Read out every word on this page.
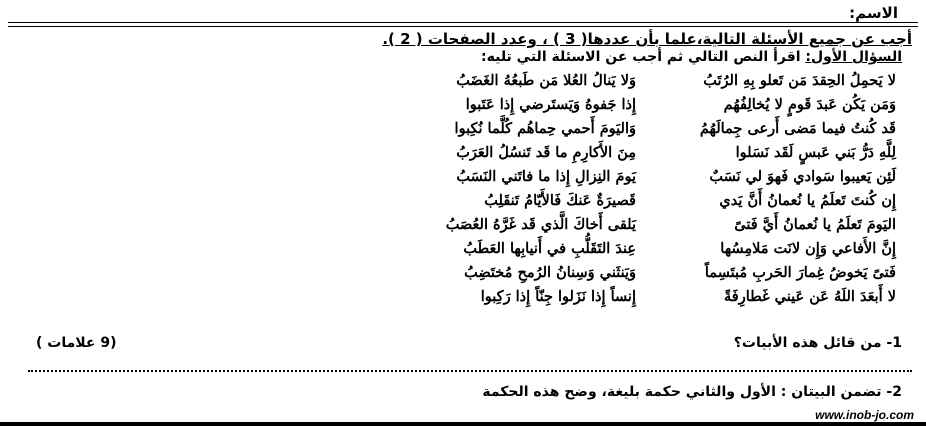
الاسم:
أجب عن جميع الأسئلة التالية،علما بأن عددها( 3 ) ، وعدد الصفحات ( 2 ).
السؤال الأول: اقرأ النص التالي ثم أجب عن الاسئلة التي تليه:
لا يَحمِلُ الحِقدَ مَن تَعلو بِهِ الرُتَبُ
وَلا يَنالُ العُلا مَن طَبعُهُ الغَضَبُ
وَمَن يَكُن عَبدَ قَومٍ لا يُخالِفُهُم
إِذا جَفوهُ وَيَستَرضي إِذا عَتَبوا
قَد كُنتُ فيما مَضى أَرعى جِمالَهُمُ
وَاليَومَ أَحمي حِماهُم كُلَّما نُكِبوا
لِلَّهِ دَرُّ بَني عَبسٍ لَقَد نَسَلوا
مِنَ الأَكارِمِ ما قَد تَنسُلُ العَرَبُ
لَئِن يَعيبوا سَوادي فَهوَ لي نَسَبٌ
يَومَ النِزالِ إِذا ما فاتَني النَسَبُ
إِن كُنتَ تَعلَمُ يا نُعمانُ أَنَّ يَدي
قَصيرَةٌ عَنكَ فَالأَيّامُ تَنقَلِبُ
اليَومَ تَعلَمُ يا نُعمانُ أَيَّ فَتىً
يَلقى أَخاكَ الَّذي قَد غَرَّهُ العُصَبُ
إِنَّ الأَفاعي وَإِن لانَت مَلامِسُها
عِندَ التَقَلُّبِ في أَنيابِها العَطَبُ
فَتىً يَخوضُ غِمارَ الحَربِ مُبتَسِماً
وَيَنثَني وَسِنانُ الرُمحِ مُختَضِبُ
لا أَبعَدَ اللَهُ عَن عَيني غَطارِفَةً
إِنساً إِذا نَزَلوا جِنّاً إِذا رَكِبوا
1- من قائل هذه الأبيات؟
(9 علامات )
2- تضمن البيتان : الأول والثاني حكمة بليغة، وضح هذه الحكمة
www.inob-jo.com
